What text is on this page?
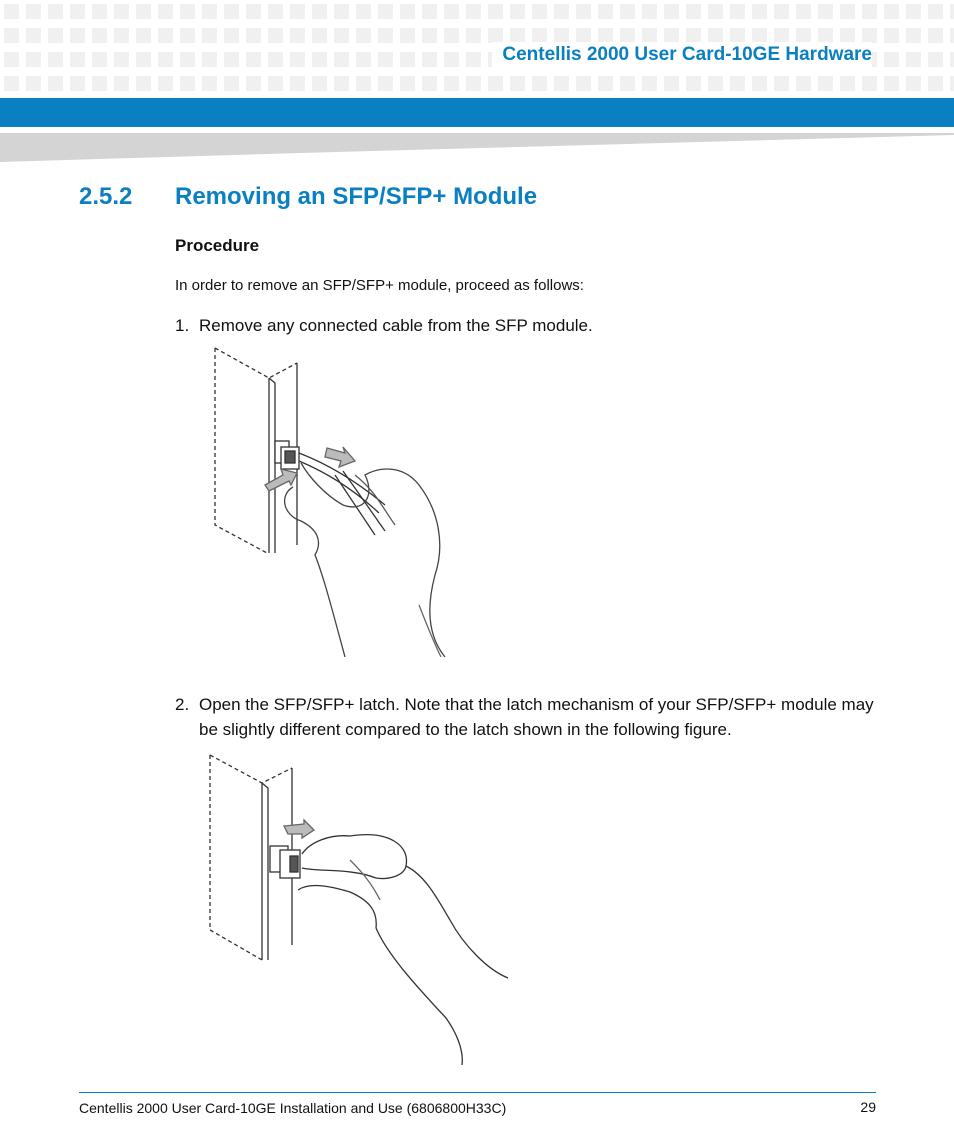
Centellis 2000 User Card-10GE Hardware
2.5.2 Removing an SFP/SFP+ Module
Procedure
In order to remove an SFP/SFP+ module, proceed as follows:
1. Remove any connected cable from the SFP module.
2. Open the SFP/SFP+ latch. Note that the latch mechanism of your SFP/SFP+ module may be slightly different compared to the latch shown in the following figure.
Centellis 2000 User Card-10GE Installation and Use (6806800H33C)	29
